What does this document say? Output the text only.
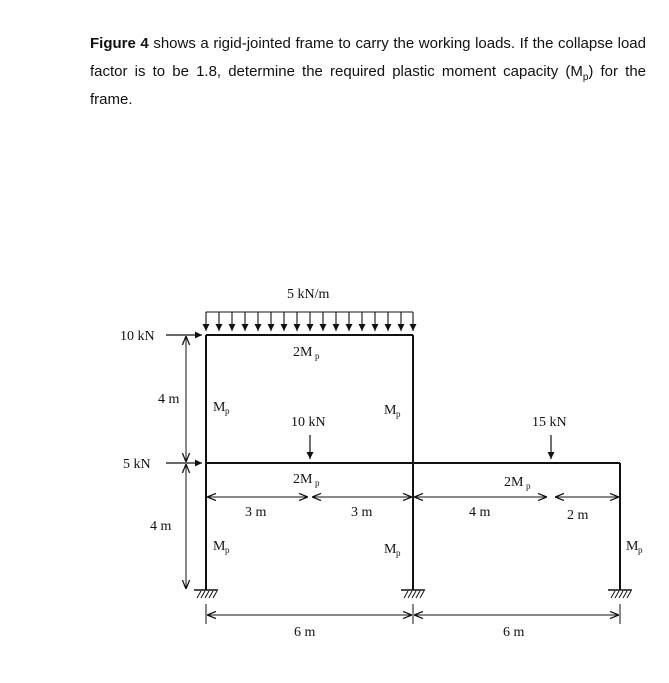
Figure 4 shows a rigid-jointed frame to carry the working loads. If the collapse load factor is to be 1.8, determine the required plastic moment capacity $(M_p)$ for the frame.
5 kN/m
10 kN
5 kN
10 kN	15 kN
4 m
4 m
3 m	3 m	4 m	2 m
6 m	6 m
2M p
M p	M p
2M p	2M p
M p	M p	M p
